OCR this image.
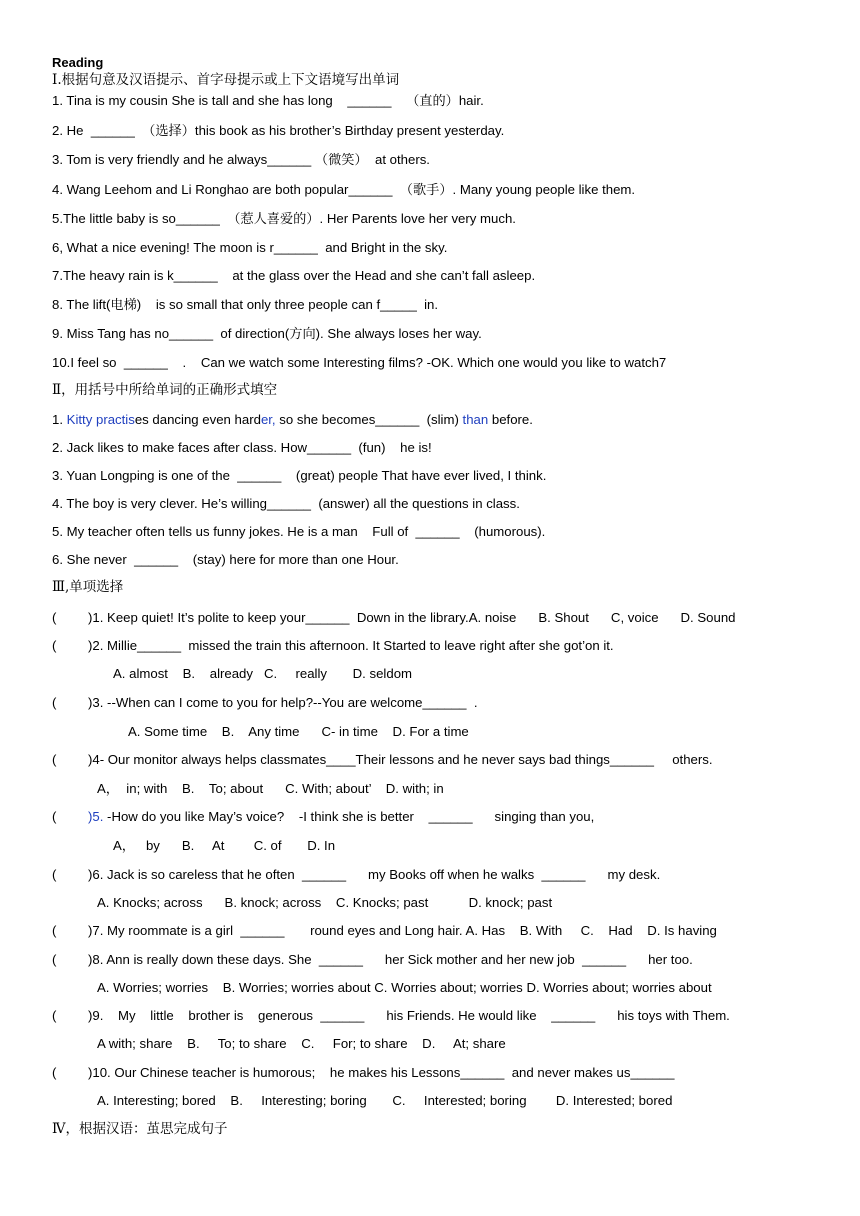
Reading
I.根据句意及汉语提示、首字母提示或上下文语境写出单词
1. Tina is my cousin She is tall and she has long    ______    （直的）hair.
2. He  ______  （选择）this book as his brother’s Birthday present yesterday.
3. Tom is very friendly and he always______ （微笑）  at others.
4. Wang Leehom and Li Ronghao are both popular______  （歌手）. Many young people like them.
5.The little baby is so______  （惹人喜爱的）. Her Parents love her very much.
6, What a nice evening! The moon is r______  and Bright in the sky.
7.The heavy rain is k______    at the glass over the Head and she can’t fall asleep.
8. The lift(电梯)    is so small that only three people can f_____  in.
9. Miss Tang has no______  of direction(方向). She always loses her way.
10.I feel so  ______    .    Can we watch some Interesting films? -OK. Which one would you like to watch7
Ⅱ，用括号中所给单词的正确形式填空
1. Kitty practises dancing even harder, so she becomes______  (slim) than before.
2. Jack likes to make faces after class. How______  (fun)    he is!
3. Yuan Longping is one of the  ______    (great) people That have ever lived, I think.
4. The boy is very clever. He’s willing______  (answer) all the questions in class.
5. My teacher often tells us funny jokes. He is a man    Full of  ______    (humorous).
6. She never  ______    (stay) here for more than one Hour.
Ⅲ,单项选择
( )1. Keep quiet! It’s polite to keep your______  Down in the library.A. noise      B. Shout      C, voice      D. Sound
( )2. Millie______  missed the train this afternoon. It Started to leave right after she got’on it.
A. almost    B.    already   C.     really       D. seldom
( )3. --When can I come to you for help?--You are welcome______  .
A. Some time    B.    Any time      C- in time    D. For a time
( )4- Our monitor always helps classmates____Their lessons and he never says bad things______     others.
A，  in; with    B.    To; about      C. With; about’    D. with; in
( )5. -How do you like May’s voice?    -I think she is better    ______      singing than you,
A，   by      B.     At        C. of       D. In
( )6. Jack is so careless that he often  ______      my Books off when he walks  ______      my desk.
A. Knocks; across      B. knock; across    C. Knocks; past           D. knock; past
( )7. My roommate is a girl  ______       round eyes and Long hair. A. Has    B. With     C.    Had    D. Is having
( )8. Ann is really down these days. She  ______      her Sick mother and her new job  ______      her too.
A. Worries; worries    B. Worries; worries about C. Worries about; worries D. Worries about; worries about
( )9.    My    little    brother is    generous  ______      his Friends. He would like    ______      his toys with Them.
A with; share    B.     To; to share    C.     For; to share    D.     At; share
( )10. Our Chinese teacher is humorous;    he makes his Lessons______  and never makes us______
A. Interesting; bored    B.     Interesting; boring       C.     Interested; boring        D. Interested; bored
Ⅳ，根据汉语：茧思完成句子
